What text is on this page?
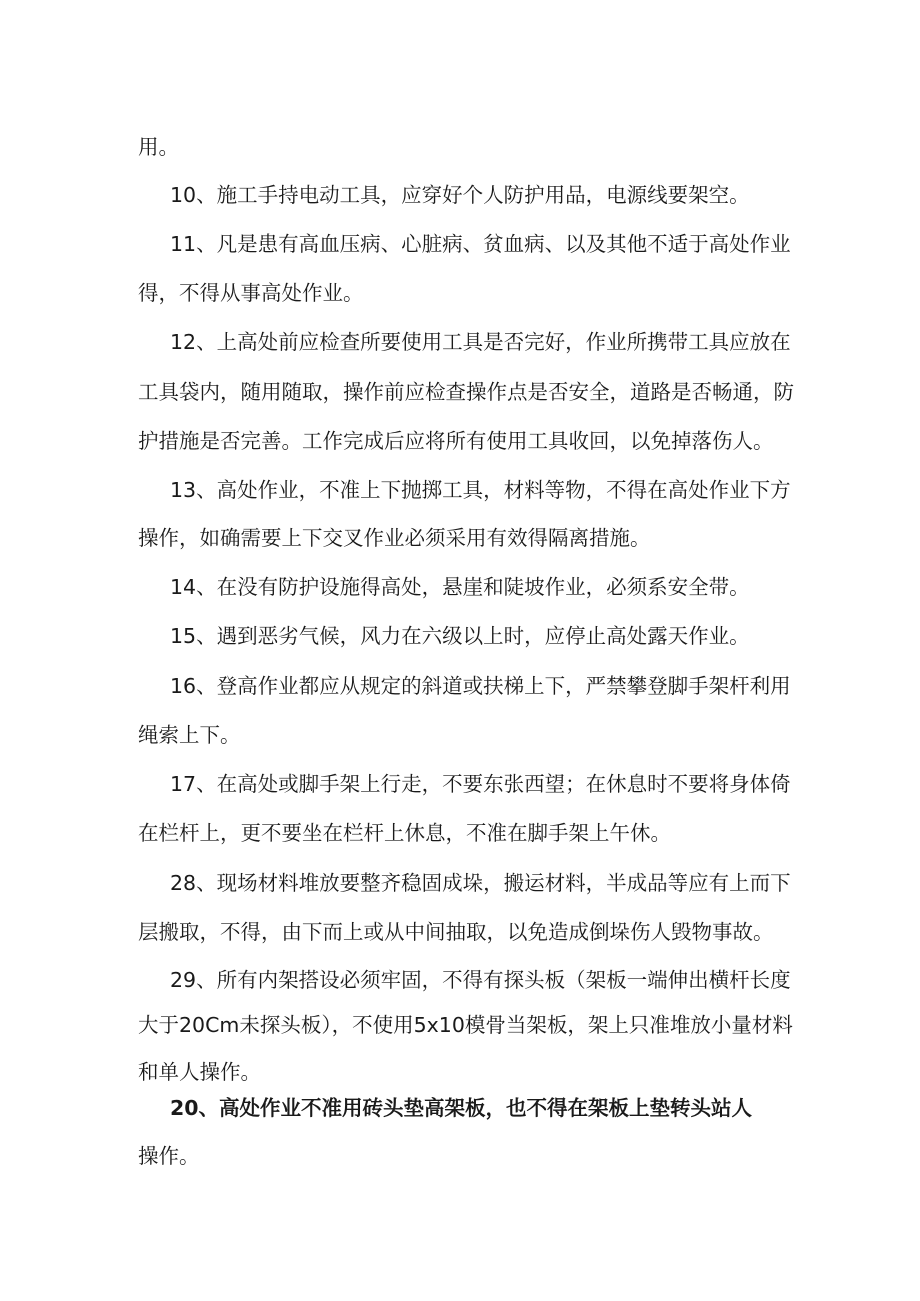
用。
10、施工手持电动工具，应穿好个人防护用品，电源线要架空。
11、凡是患有高血压病、心脏病、贫血病、以及其他不适于高处作业
得，不得从事高处作业。
12、上高处前应检查所要使用工具是否完好，作业所携带工具应放在
工具袋内，随用随取，操作前应检查操作点是否安全，道路是否畅通，防
护措施是否完善。工作完成后应将所有使用工具收回，以免掉落伤人。
13、高处作业，不准上下抛掷工具，材料等物，不得在高处作业下方
操作，如确需要上下交叉作业必须采用有效得隔离措施。
14、在没有防护设施得高处，悬崖和陡坡作业，必须系安全带。
15、遇到恶劣气候，风力在六级以上时，应停止高处露天作业。
16、登高作业都应从规定的斜道或扶梯上下，严禁攀登脚手架杆利用
绳索上下。
17、在高处或脚手架上行走，不要东张西望；在休息时不要将身体倚
在栏杆上，更不要坐在栏杆上休息，不准在脚手架上午休。
28、现场材料堆放要整齐稳固成垛，搬运材料，半成品等应有上而下
层搬取，不得，由下而上或从中间抽取，以免造成倒垛伤人毁物事故。
29、所有内架搭设必须牢固，不得有探头板（架板一端伸出横杆长度
大于20Cm未探头板），不使用5x10模骨当架板，架上只准堆放小量材料
和单人操作。
20、高处作业不准用砖头垫高架板，也不得在架板上垫转头站人
操作。
